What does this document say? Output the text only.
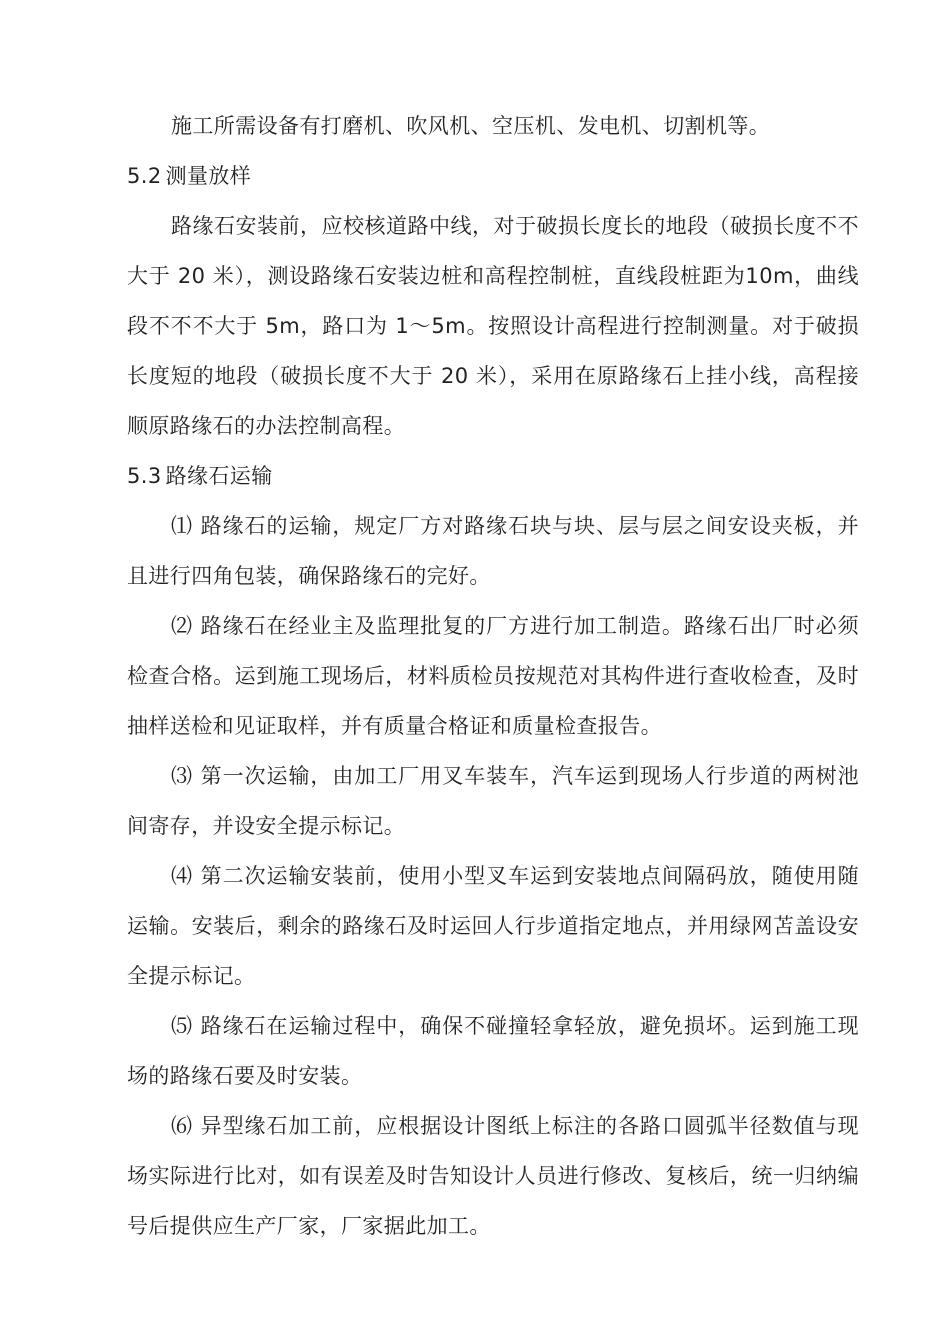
施工所需设备有打磨机、吹风机、空压机、发电机、切割机等。

5.2 测量放样

路缘石安装前，应校核道路中线，对于破损长度长的地段（破损长度不不大于 20 米），测设路缘石安装边桩和高程控制桩，直线段桩距为10m，曲线段不不不大于 5m，路口为 1～5m。按照设计高程进行控制测量。对于破损长度短的地段（破损长度不大于 20 米），采用在原路缘石上挂小线，高程接顺原路缘石的办法控制高程。

5.3 路缘石运输

⑴ 路缘石的运输，规定厂方对路缘石块与块、层与层之间安设夹板，并且进行四角包装，确保路缘石的完好。

⑵ 路缘石在经业主及监理批复的厂方进行加工制造。路缘石出厂时必须检查合格。运到施工现场后，材料质检员按规范对其构件进行查收检查，及时抽样送检和见证取样，并有质量合格证和质量检查报告。

⑶ 第一次运输，由加工厂用叉车装车，汽车运到现场人行步道的两树池间寄存，并设安全提示标记。

⑷ 第二次运输安装前，使用小型叉车运到安装地点间隔码放，随使用随运输。安装后，剩余的路缘石及时运回人行步道指定地点，并用绿网苫盖设安全提示标记。

⑸ 路缘石在运输过程中，确保不碰撞轻拿轻放，避免损坏。运到施工现场的路缘石要及时安装。

⑹ 异型缘石加工前，应根据设计图纸上标注的各路口圆弧半径数值与现场实际进行比对，如有误差及时告知设计人员进行修改、复核后，统一归纳编号后提供应生产厂家，厂家据此加工。
